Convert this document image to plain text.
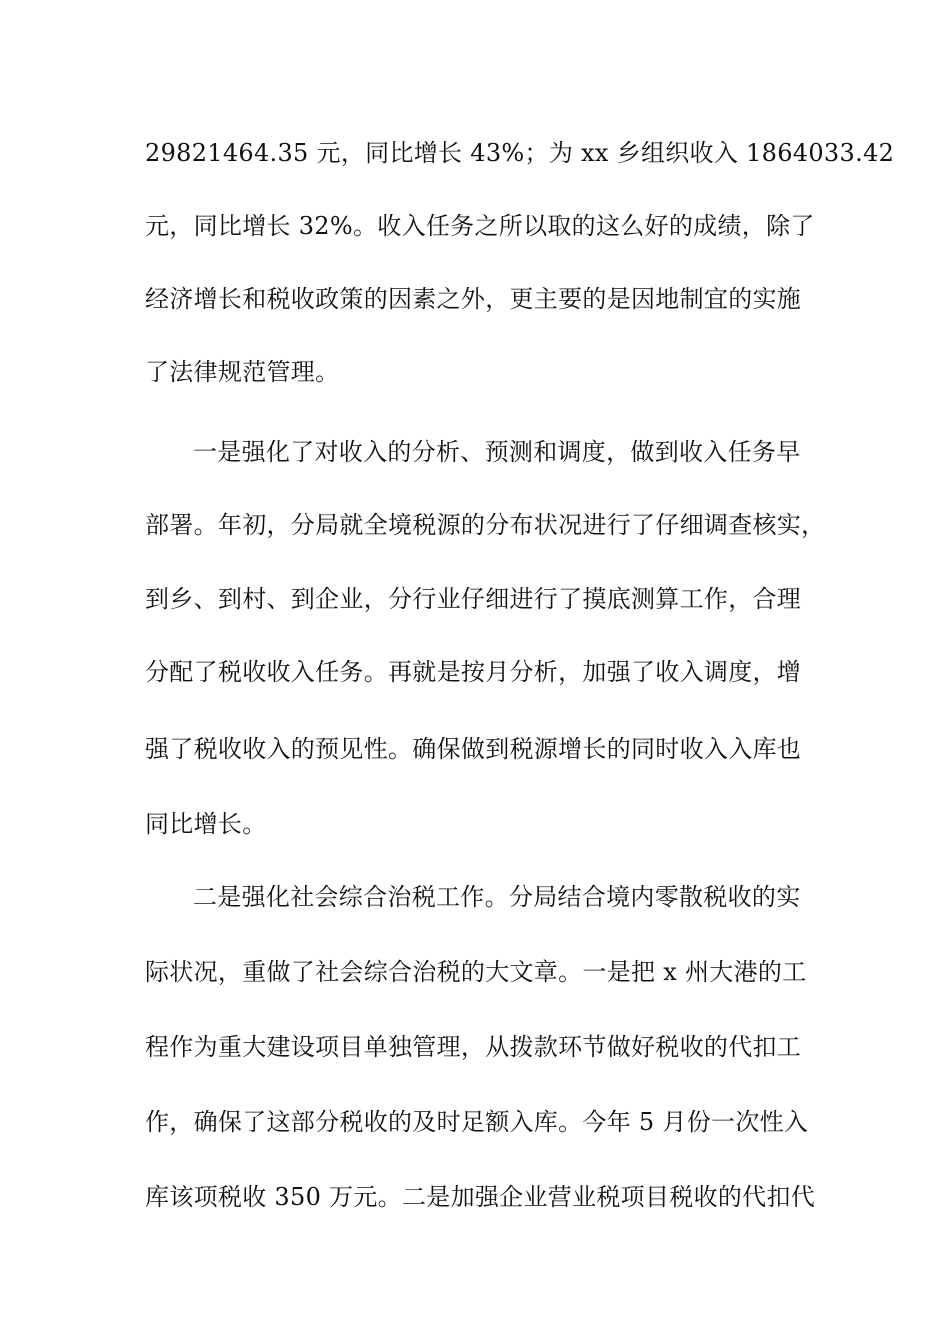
29821464.35 元，同比增长 43%；为 xx 乡组织收入 1864033.42
元，同比增长 32%。收入任务之所以取的这么好的成绩，除了
经济增长和税收政策的因素之外，更主要的是因地制宜的实施
了法律规范管理。
一是强化了对收入的分析、预测和调度，做到收入任务早
部署。年初，分局就全境税源的分布状况进行了仔细调查核实，
到乡、到村、到企业，分行业仔细进行了摸底测算工作，合理
分配了税收收入任务。再就是按月分析，加强了收入调度，增
强了税收收入的预见性。确保做到税源增长的同时收入入库也
同比增长。
二是强化社会综合治税工作。分局结合境内零散税收的实
际状况，重做了社会综合治税的大文章。一是把 x 州大港的工
程作为重大建设项目单独管理，从拨款环节做好税收的代扣工
作，确保了这部分税收的及时足额入库。今年 5 月份一次性入
库该项税收 350 万元。二是加强企业营业税项目税收的代扣代
